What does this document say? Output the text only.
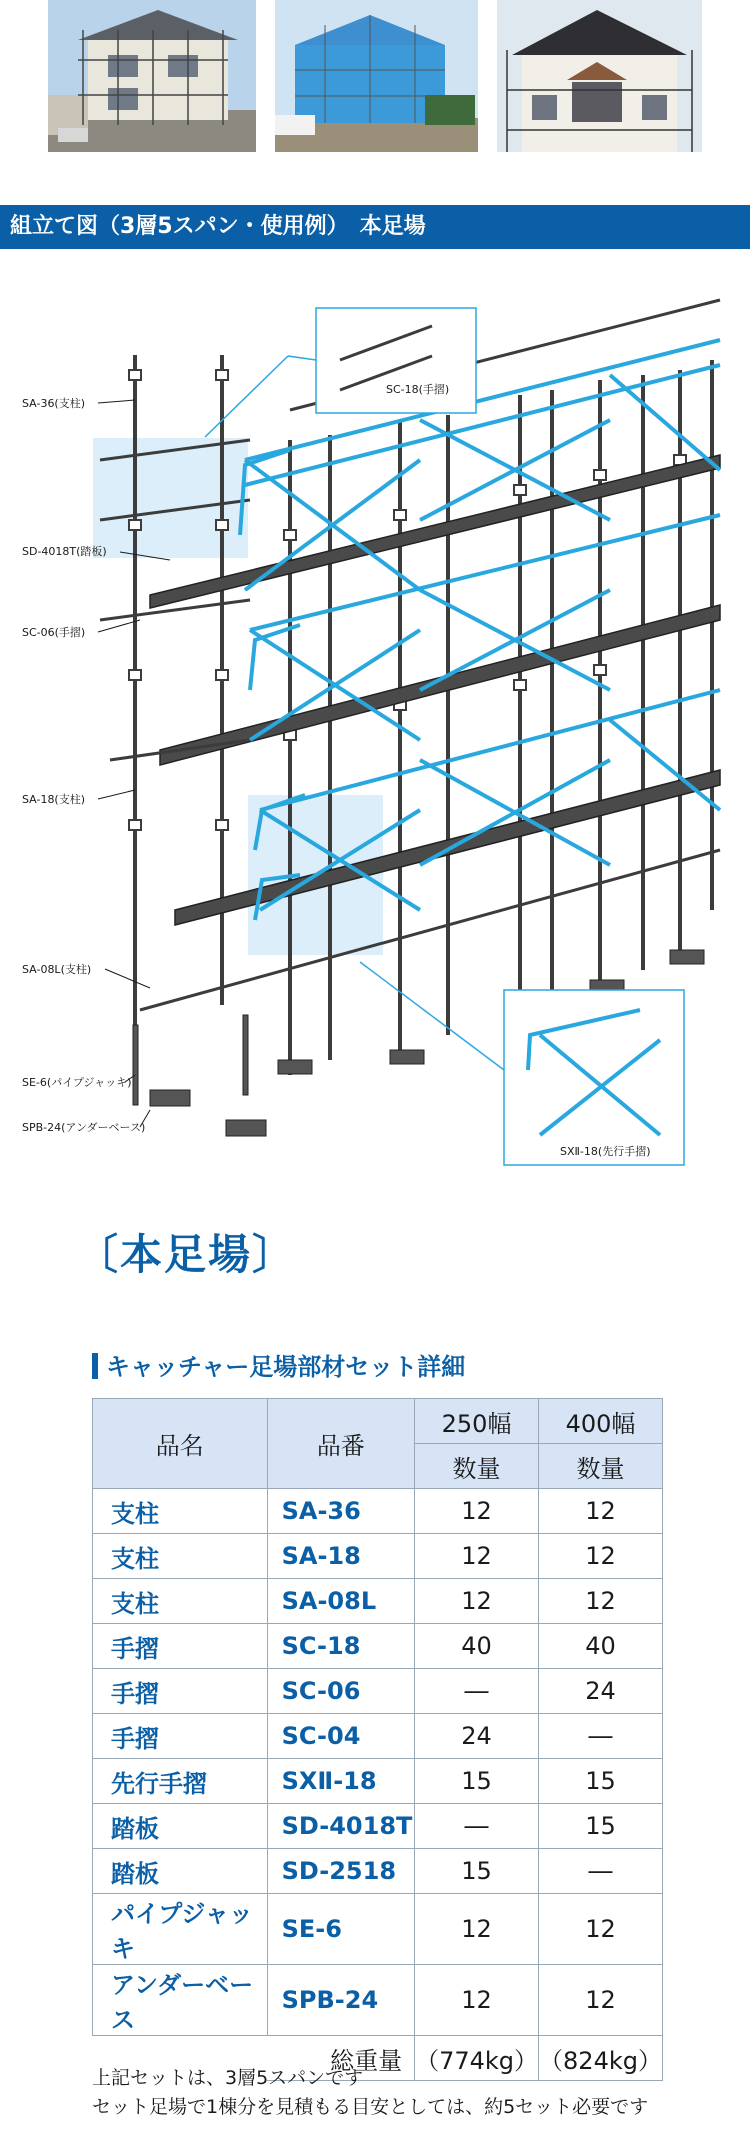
組立て図（3層5スパン・使用例）　本足場
SC-18(手摺)
SXⅡ-18(先行手摺)
SA-36(支柱)
SD-4018T(踏板)
SC-06(手摺)
SA-18(支柱)
SA-08L(支柱)
SE-6(パイプジャッキ)
SPB-24(アンダーベース)
〔本足場〕
キャッチャー足場部材セット詳細
品名	品番	250幅	400幅
		数量	数量
支柱	SA-36	12	12
支柱	SA-18	12	12
支柱	SA-08L	12	12
手摺	SC-18	40	40
手摺	SC-06	―	24
手摺	SC-04	24	―
先行手摺	SXⅡ-18	15	15
踏板	SD-4018T	―	15
踏板	SD-2518	15	―
パイプジャッキ	SE-6	12	12
アンダーベース	SPB-24	12	12
	総重量	（774kg）	（824kg）
上記セットは、3層5スパンです
セット足場で1棟分を見積もる目安としては、約5セット必要です
